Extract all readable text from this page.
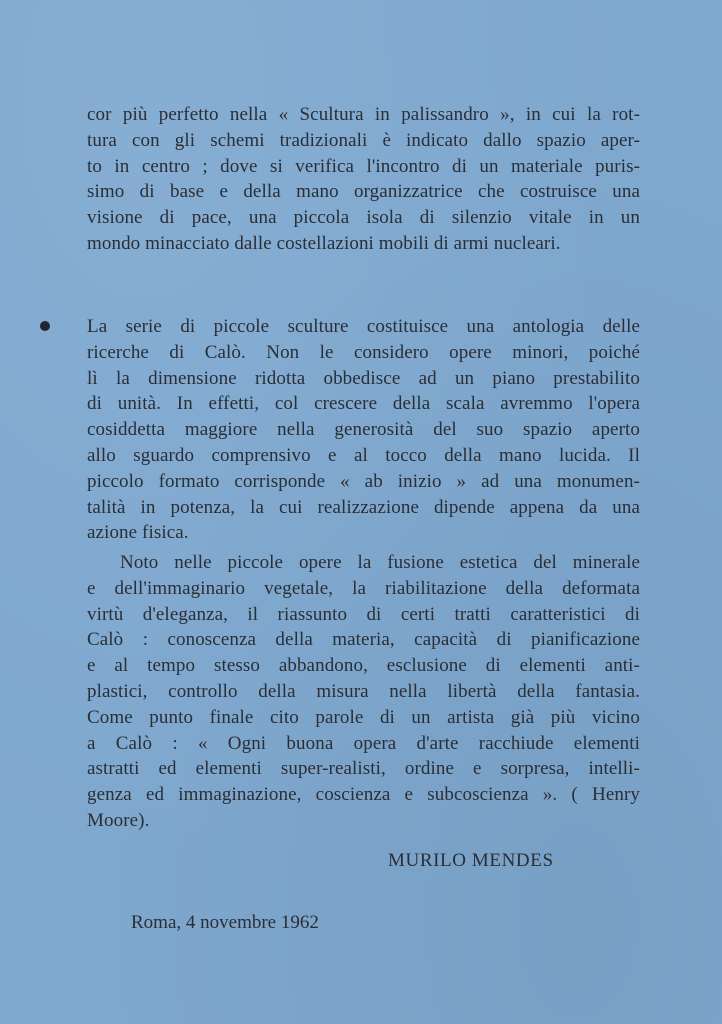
cor più perfetto nella « Scultura in palissandro », in cui la rot-
tura con gli schemi tradizionali è indicato dallo spazio aper-
to in centro ; dove si verifica l'incontro di un materiale puris-
simo di base e della mano organizzatrice che costruisce una
visione di pace, una piccola isola di silenzio vitale in un
mondo minacciato dalle costellazioni mobili di armi nucleari.
La serie di piccole sculture costituisce una antologia delle
ricerche di Calò. Non le considero opere minori, poiché
lì la dimensione ridotta obbedisce ad un piano prestabilito
di unità. In effetti, col crescere della scala avremmo l'opera
cosiddetta maggiore nella generosità del suo spazio aperto
allo sguardo comprensivo e al tocco della mano lucida. Il
piccolo formato corrisponde « ab inizio » ad una monumen-
talità in potenza, la cui realizzazione dipende appena da una
azione fisica.
Noto nelle piccole opere la fusione estetica del minerale
e dell'immaginario vegetale, la riabilitazione della deformata
virtù d'eleganza, il riassunto di certi tratti caratteristici di
Calò : conoscenza della materia, capacità di pianificazione
e al tempo stesso abbandono, esclusione di elementi anti-
plastici, controllo della misura nella libertà della fantasia.
Come punto finale cito parole di un artista già più vicino
a Calò : « Ogni buona opera d'arte racchiude elementi
astratti ed elementi super-realisti, ordine e sorpresa, intelli-
genza ed immaginazione, coscienza e subcoscienza ». ( Henry
Moore).
MURILO MENDES
Roma, 4 novembre 1962
